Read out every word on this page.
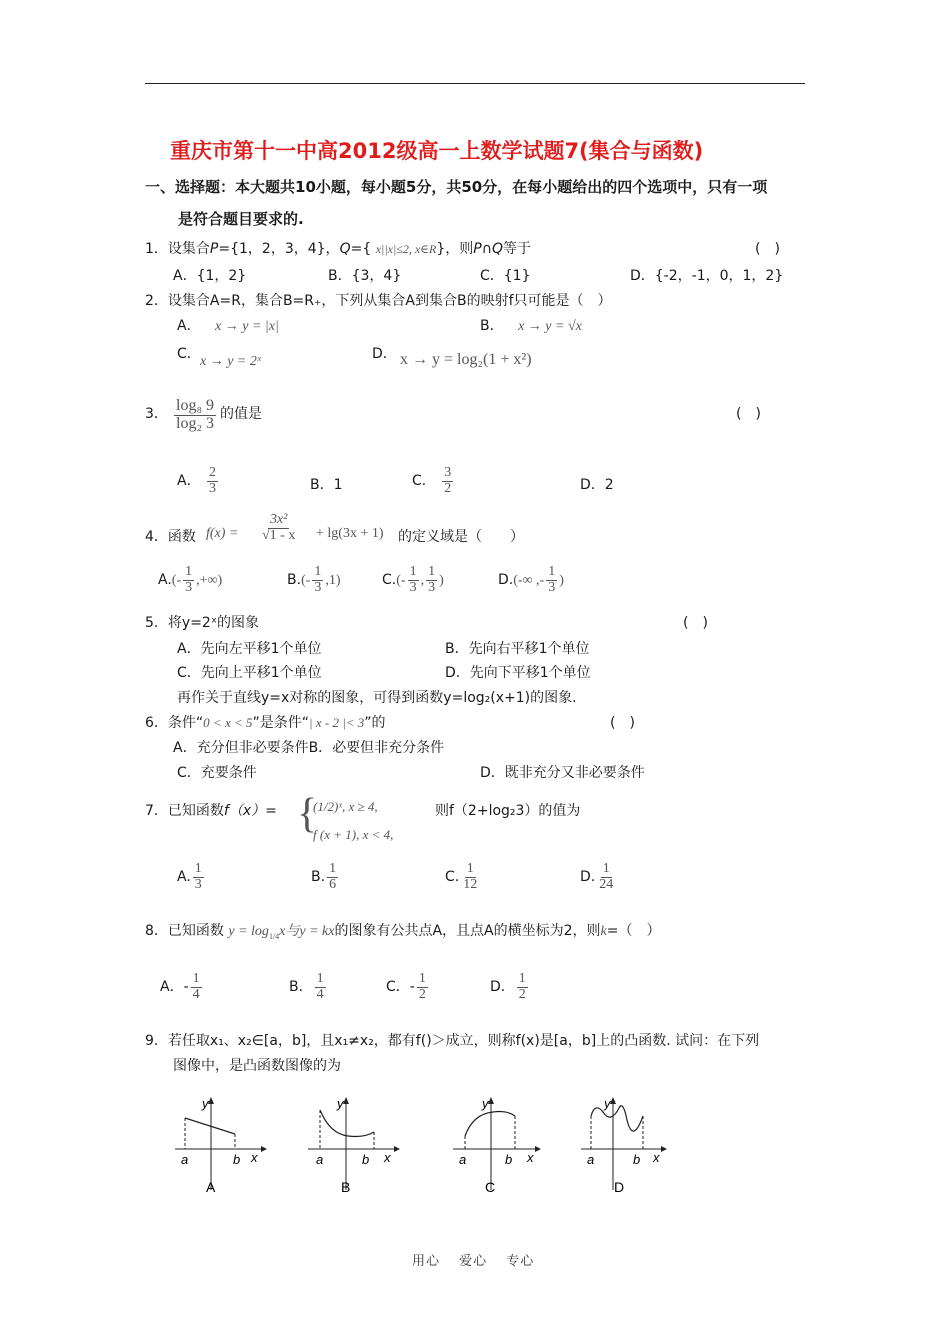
重庆市第十一中高2012级高一上数学试题7(集合与函数)
一、选择题：本大题共10小题，每小题5分，共50分，在每小题给出的四个选项中，只有一项
是符合题目要求的.
1．设集合P={1，2，3，4}，Q={ x||x|≤2, x∈R}，则P∩Q等于	(　)
A．{1，2}	B．{3，4}	C．{1}	D．{-2，-1，0，1，2}
2．设集合A=R，集合B=R₊，下列从集合A到集合B的映射f只可能是（　）
A． x → y = |x|	B． x → y = √x
C． x → y = 2ˣ	D． x → y = log₂(1 + x²)
3． $\frac{\text{log₈ 9}}{\text{log₂ 3}}$ 的值是	(　)
A． $\frac{2}{3}$	B．1	C． $\frac{3}{2}$	D．2
4．函数 $f(x) = \frac{\text{3x²}}{√1 - x} + \lg(3x + 1)$ 的定义域是（　　）
$A.(- \frac{1}{3}$ ,+∞)	$B.(- \frac{1}{3} ,1)$	$C.(- \frac{1}{3}$ , $\frac{1}{3}$ )	D.(-∞ ,- $\frac{1}{3}$ )
5．将y=2ˣ的图象	(　)
A．先向左平移1个单位	B．先向右平移1个单位
C．先向上平移1个单位	D．先向下平移1个单位
再作关于直线y=x对称的图象，可得到函数y=log₂(x+1)的图象.
6．条件“0 < x < 5”是条件“| x - 2 |< 3”的	(　)
A．充分但非必要条件B．必要但非充分条件
C．充要条件	D．既非充分又非必要条件
7．已知函数f（x）= {
(1/2)ˣ, x ≥ 4,
f (x + 1), x < 4,
则f（2+log₂3）的值为
A. $\frac{1}{3}$	B. $\frac{1}{6}$	C. $\frac{1}{12}$	D. $\frac{1}{24}$
8．已知函数 $y = \log_{1/4}x$与y = kx的图象有公共点A，且点A的横坐标为2，则k=（　）
A．- $\frac{1}{4}$	B． $\frac{1}{4}$	C．- $\frac{1}{2}$	D． $\frac{1}{2}$
9．若任取x₁、x₂∈[a，b]，且x₁≠x₂，都有f()＞成立，则称f(x)是[a，b]上的凸函数. 试问：在下列
图像中，是凸函数图像的为
y
a	b x
A
y
a	b x
B
y
a	b x
C
y
a	b x
D
用心　 爱心　 专心
